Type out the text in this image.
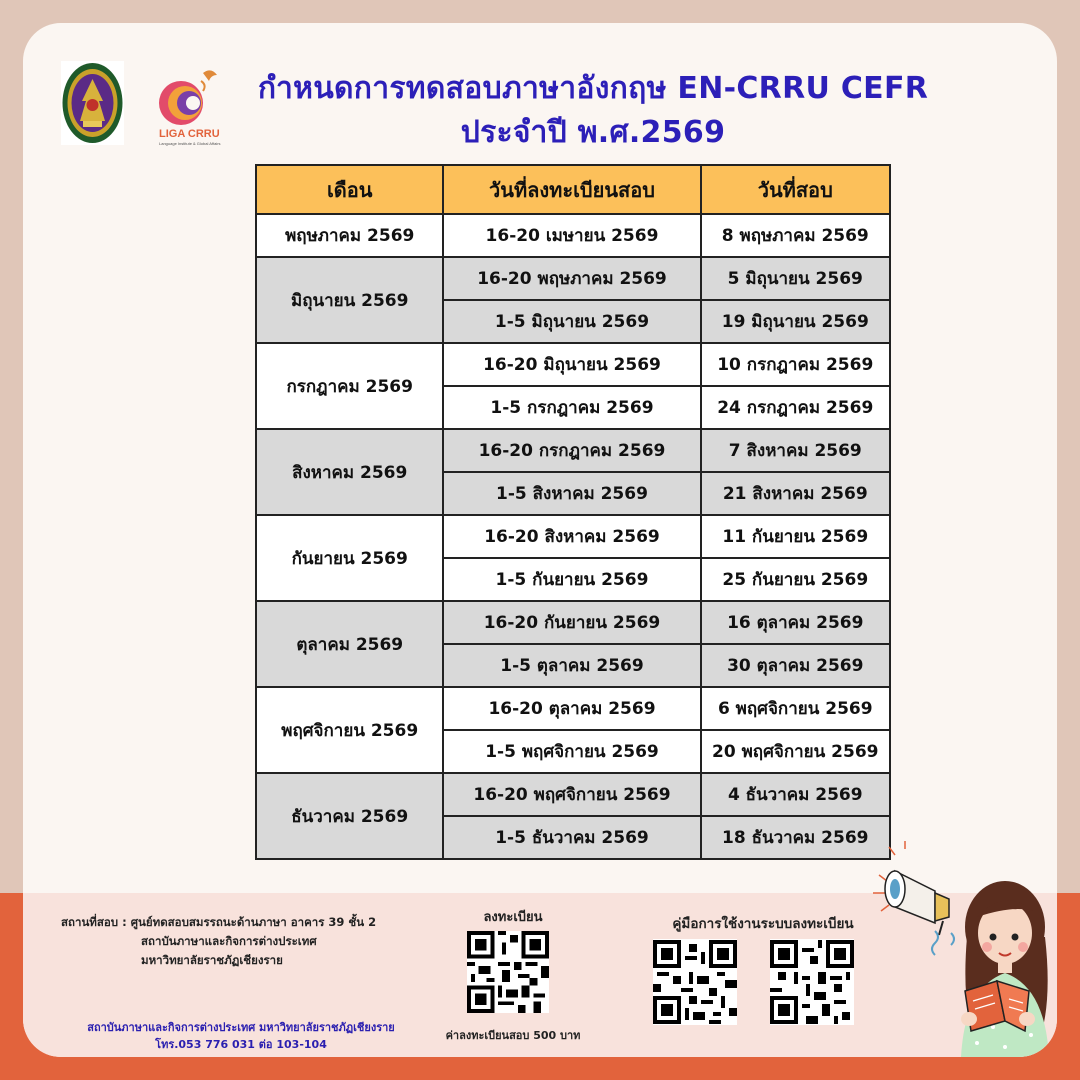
LIGA CRRU
Language Institute & Global Affairs
กำหนดการทดสอบภาษาอังกฤษ EN-CRRU CEFR
ประจำปี พ.ศ.2569
เดือน	วันที่ลงทะเบียนสอบ	วันที่สอบ
พฤษภาคม 2569	16-20 เมษายน 2569	8 พฤษภาคม 2569
มิถุนายน 2569	16-20 พฤษภาคม 2569	5 มิถุนายน 2569
	1-5 มิถุนายน 2569	19 มิถุนายน 2569
กรกฎาคม 2569	16-20 มิถุนายน 2569	10 กรกฎาคม 2569
	1-5 กรกฎาคม 2569	24 กรกฎาคม 2569
สิงหาคม 2569	16-20 กรกฎาคม 2569	7 สิงหาคม 2569
	1-5 สิงหาคม 2569	21 สิงหาคม 2569
กันยายน 2569	16-20 สิงหาคม 2569	11 กันยายน 2569
	1-5 กันยายน 2569	25 กันยายน 2569
ตุลาคม 2569	16-20 กันยายน 2569	16 ตุลาคม 2569
	1-5 ตุลาคม 2569	30 ตุลาคม 2569
พฤศจิกายน 2569	16-20 ตุลาคม 2569	6 พฤศจิกายน 2569
	1-5 พฤศจิกายน 2569	20 พฤศจิกายน 2569
ธันวาคม 2569	16-20 พฤศจิกายน 2569	4 ธันวาคม 2569
	1-5 ธันวาคม 2569	18 ธันวาคม 2569
สถานที่สอบ : ศูนย์ทดสอบสมรรถนะด้านภาษา อาคาร 39 ชั้น 2
สถาบันภาษาและกิจการต่างประเทศ
มหาวิทยาลัยราชภัฏเชียงราย
สถาบันภาษาและกิจการต่างประเทศ มหาวิทยาลัยราชภัฏเชียงราย
โทร.053 776 031 ต่อ 103-104
ลงทะเบียน
ค่าลงทะเบียนสอบ 500 บาท
คู่มือการใช้งานระบบลงทะเบียน
